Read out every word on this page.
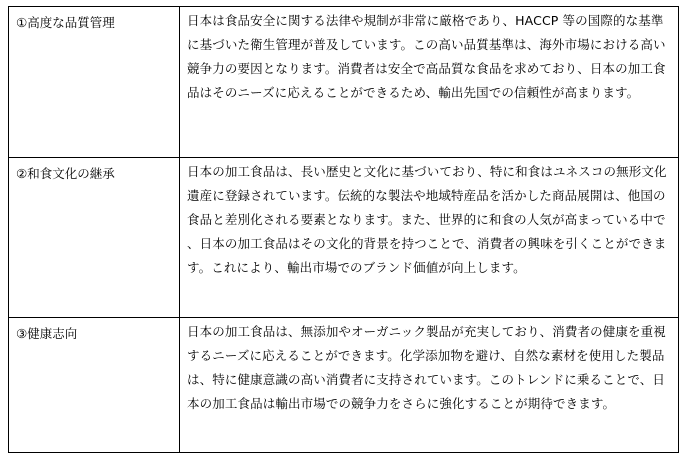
①高度な品質管理	日本は食品安全に関する法律や規制が非常に厳格であり、HACCP 等の国際的な基準に基づいた衛生管理が普及しています。この高い品質基準は、海外市場における高い競争力の要因となります。消費者は安全で高品質な食品を求めており、日本の加工食品はそのニーズに応えることができるため、輸出先国での信頼性が高まります。

②和食文化の継承	日本の加工食品は、長い歴史と文化に基づいており、特に和食はユネスコの無形文化遺産に登録されています。伝統的な製法や地域特産品を活かした商品展開は、他国の食品と差別化される要素となります。また、世界的に和食の人気が高まっている中で、日本の加工食品はその文化的背景を持つことで、消費者の興味を引くことができます。これにより、輸出市場でのブランド価値が向上します。

③健康志向	日本の加工食品は、無添加やオーガニック製品が充実しており、消費者の健康を重視するニーズに応えることができます。化学添加物を避け、自然な素材を使用した製品は、特に健康意識の高い消費者に支持されています。このトレンドに乗ることで、日本の加工食品は輸出市場での競争力をさらに強化することが期待できます。
